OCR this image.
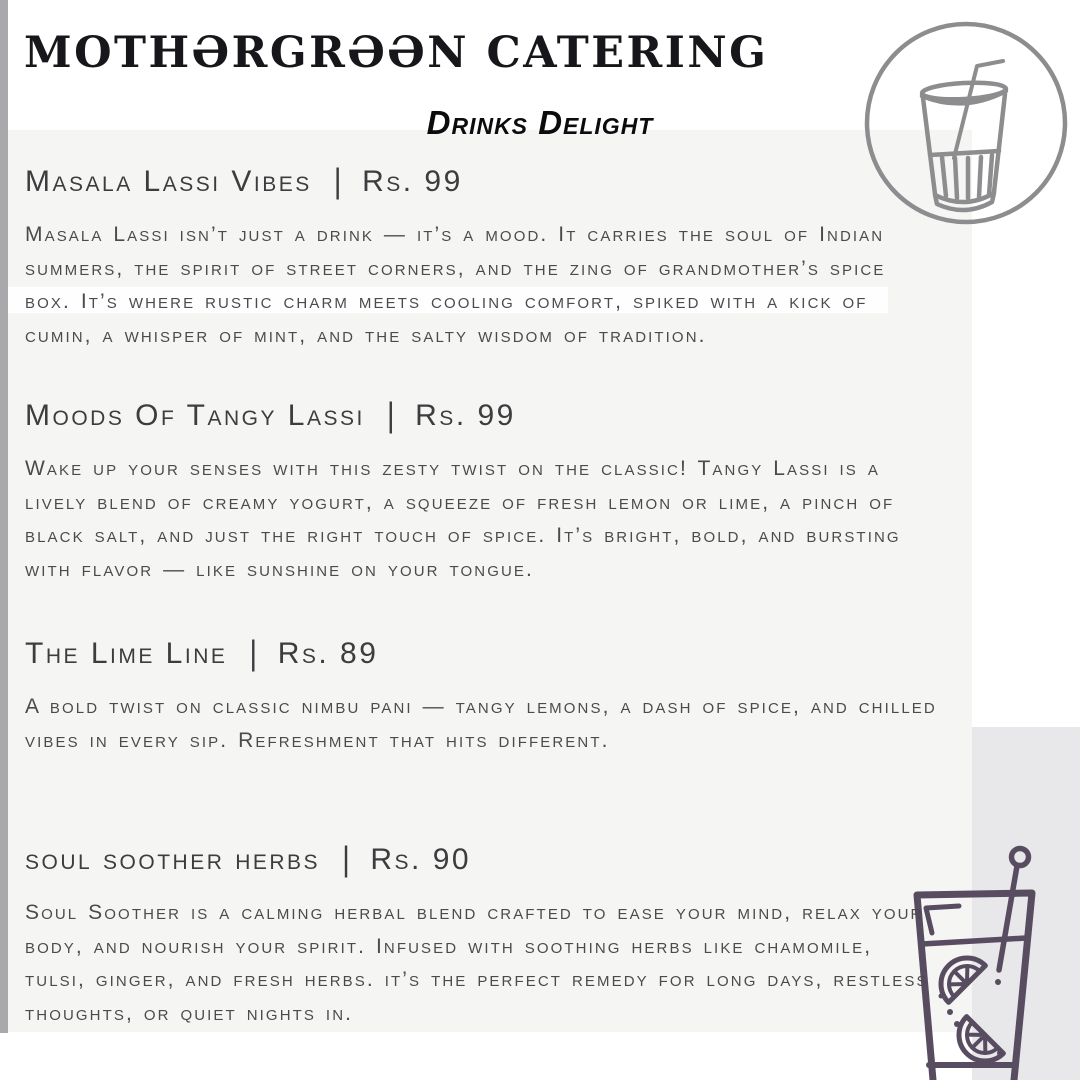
MOTHƏRGRƏƏN CATERING
Drinks Delight
Masala Lassi Vibes | Rs. 99
Masala Lassi isn’t just a drink — it’s a mood. It carries the soul of Indian summers, the spirit of street corners, and the zing of grandmother’s spice box. It’s where rustic charm meets cooling comfort, spiked with a kick of cumin, a whisper of mint, and the salty wisdom of tradition.
Moods Of Tangy Lassi | Rs. 99
Wake up your senses with this zesty twist on the classic! Tangy Lassi is a lively blend of creamy yogurt, a squeeze of fresh lemon or lime, a pinch of black salt, and just the right touch of spice. It’s bright, bold, and bursting with flavor — like sunshine on your tongue.
The Lime Line | Rs. 89
A bold twist on classic nimbu pani — tangy lemons, a dash of spice, and chilled vibes in every sip. Refreshment that hits different.
soul soother herbs | Rs. 90
Soul Soother is a calming herbal blend crafted to ease your mind, relax your body, and nourish your spirit. Infused with soothing herbs like chamomile, tulsi, ginger, and fresh herbs. it’s the perfect remedy for long days, restless thoughts, or quiet nights in.
